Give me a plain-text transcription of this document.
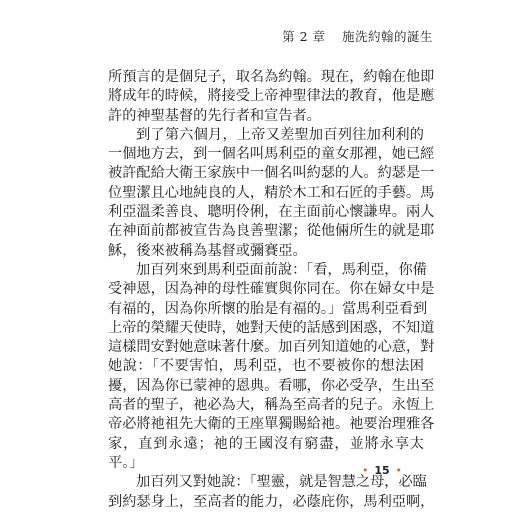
第 2 章 施洗約翰的誕生
所預言的是個兒子，取名為約翰。現在，約翰在他即
將成年的時候，將接受上帝神聖律法的教育，他是應
許的神聖基督的先行者和宣告者。
到了第六個月，上帝又差聖加百列往加利利的
一個地方去，到一個名叫馬利亞的童女那裡，她已經
被許配給大衛王家族中一個名叫約瑟的人。約瑟是一
位聖潔且心地純良的人，精於木工和石匠的手藝。馬
利亞溫柔善良、聰明伶俐，在主面前心懷謙卑。兩人
在神面前都被宣告為良善聖潔；從他倆所生的就是耶
穌，後來被稱為基督或彌賽亞。
加百列來到馬利亞面前說：「看，馬利亞，你備
受神恩，因為神的母性確實與你同在。你在婦女中是
有福的，因為你所懷的胎是有福的。」當馬利亞看到
上帝的榮耀天使時，她對天使的話感到困惑，不知道
這樣問安對她意味著什麼。加百列知道她的心意，對
她說：「不要害怕，馬利亞，也不要被你的想法困
擾，因為你已蒙神的恩典。看哪，你必受孕，生出至
高者的聖子，祂必為大，稱為至高者的兒子。永恆上
帝必將祂祖先大衛的王座單獨賜給祂。祂要治理雅各
家，直到永遠；祂的王國沒有窮盡，並將永享太
平。」
加百列又對她說：「聖靈，就是智慧之母，必臨
到約瑟身上，至高者的能力，必蔭庇你，馬利亞啊，
• 15 •
